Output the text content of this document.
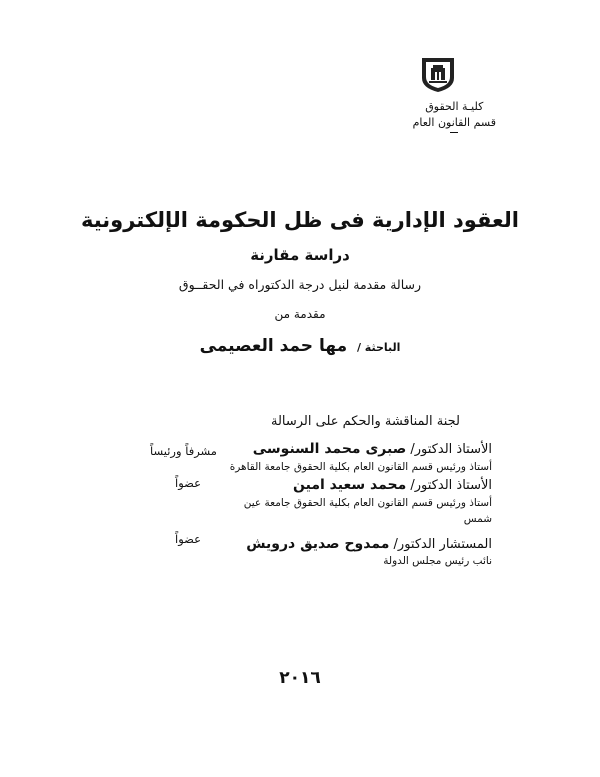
كليـة الحقوق
قسم القانون العام
العقود الإدارية فى ظل الحكومة الإلكترونية
دراسة مقارنة
رسالة مقدمة لنيل درجة الدكتوراه في الحقــوق
مقدمة من
الباحثة / مها حمد العصيمى
لجنة المناقشة والحكم على الرسالة
الأستاذ الدكتور/ صبرى محمد السنوسى
مشرفاً ورئيساً
أستاذ ورئيس قسم القانون العام بكلية الحقوق جامعة القاهرة
الأستاذ الدكتور/ محمد سعيد امين
عضواً
أستاذ ورئيس قسم القانون العام بكلية الحقوق جامعة عين
شمس
المستشار الدكتور/ ممدوح صديق درويش
عضواً
نائب رئيس مجلس الدولة
٢٠١٦
